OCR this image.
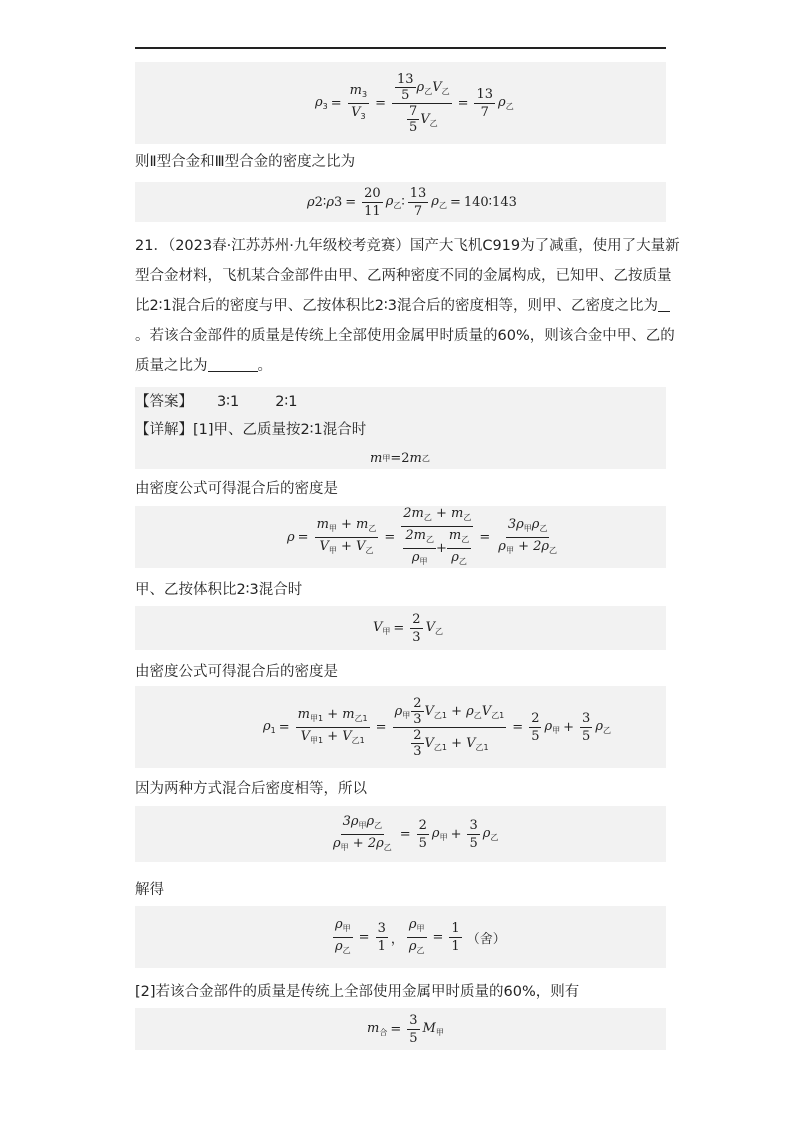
$\rho_3 = \frac{m_3}{V_3} = \frac{\frac{13}{5} \rho_乙V_乙}{\frac{7}{5} V_乙} = \frac{13}{7} \rho_乙$
则Ⅱ型合金和Ⅲ型合金的密度之比为
ρ 2∶ ρ $3 = \frac{20}{11} \rho_乙$ ∶ $\frac{13}{7} \rho_乙$ = 140∶143
21．（2023春·江苏苏州·九年级校考竞赛）国产大飞机C919为了减重，使用了大量新
型合金材料，飞机某合金部件由甲、乙两种密度不同的金属构成，已知甲、乙按质量
比2∶1混合后的密度与甲、乙按体积比2∶3混合后的密度相等，则甲、乙密度之比为
。若该合金部件的质量是传统上全部使用金属甲时质量的60%，则该合金中甲、乙的
质量之比为	。
【答案】 3∶1 2∶1
【详解】[1]甲、乙质量按2∶1混合时
m 甲 =2 m 乙
由密度公式可得混合后的密度是
$\rho = \frac{m_甲 + m_乙}{V_甲 + V_乙} = \frac{2m_乙 + m_乙}{\frac{2m_乙}{\rho_甲} + \frac{m_乙}{\rho_乙}} = \frac{3\rho_甲\rho_乙}{\rho_甲 + 2\rho_乙}$
甲、乙按体积比2∶3混合时
$V_甲 = \frac{2}{3} V_乙$
由密度公式可得混合后的密度是
$\rho_1 = \frac{m_{甲1} + m_{乙1}}{V_{甲1} + V_{乙1}} = \frac{\rho_甲 \frac{2}{3} V_{乙1} + \rho_乙V_{乙1}}{\frac{2}{3} V_{乙1} + V_{乙1}} = \frac{2}{5} \rho_甲 + \frac{3}{5} \rho_乙$
因为两种方式混合后密度相等，所以
$\frac{3\rho_甲\rho_乙}{\rho_甲 + 2\rho_乙} = \frac{2}{5} \rho_甲 + \frac{3}{5} \rho_乙$
解得
$\frac{\rho_甲}{\rho_乙} = \frac{3}{1}$ ， $\frac{\rho_甲}{\rho_乙} = \frac{1}{1}$ （舍）
[2]若该合金部件的质量是传统上全部使用金属甲时质量的60%，则有
$m_合 = \frac{3}{5} M_甲$
